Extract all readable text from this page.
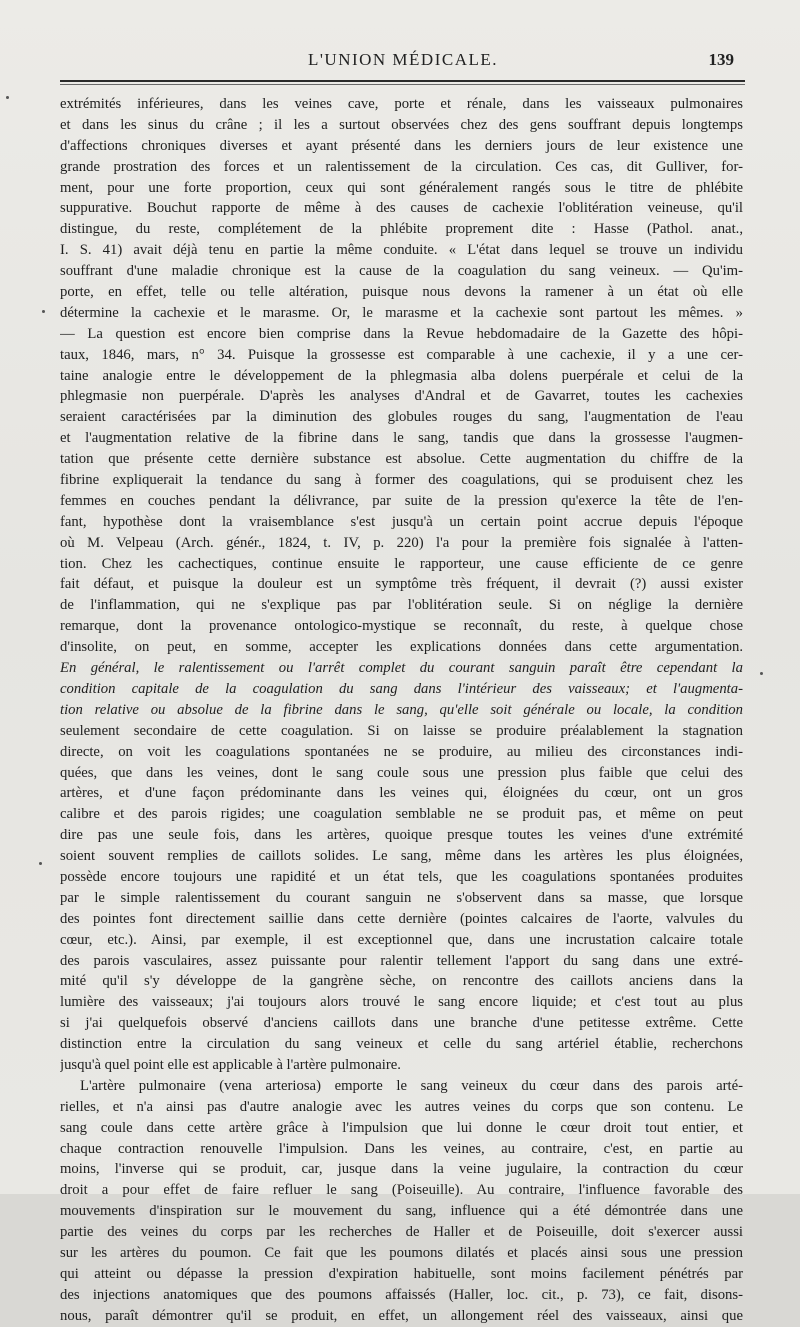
L'UNION MÉDICALE.	139
extrémités inférieures, dans les veines cave, porte et rénale, dans les vaisseaux pulmonaires
et dans les sinus du crâne ; il les a surtout observées chez des gens souffrant depuis longtemps
d'affections chroniques diverses et ayant présenté dans les derniers jours de leur existence une
grande prostration des forces et un ralentissement de la circulation. Ces cas, dit Gulliver, for-
ment, pour une forte proportion, ceux qui sont généralement rangés sous le titre de phlébite
suppurative. Bouchut rapporte de même à des causes de cachexie l'oblitération veineuse, qu'il
distingue, du reste, complétement de la phlébite proprement dite : Hasse (Pathol. anat.,
I. S. 41) avait déjà tenu en partie la même conduite. « L'état dans lequel se trouve un individu
souffrant d'une maladie chronique est la cause de la coagulation du sang veineux. — Qu'im-
porte, en effet, telle ou telle altération, puisque nous devons la ramener à un état où elle
détermine la cachexie et le marasme. Or, le marasme et la cachexie sont partout les mêmes. »
— La question est encore bien comprise dans la Revue hebdomadaire de la Gazette des hôpi-
taux, 1846, mars, n° 34. Puisque la grossesse est comparable à une cachexie, il y a une cer-
taine analogie entre le développement de la phlegmasia alba dolens puerpérale et celui de la
phlegmasie non puerpérale. D'après les analyses d'Andral et de Gavarret, toutes les cachexies
seraient caractérisées par la diminution des globules rouges du sang, l'augmentation de l'eau
et l'augmentation relative de la fibrine dans le sang, tandis que dans la grossesse l'augmen-
tation que présente cette dernière substance est absolue. Cette augmentation du chiffre de la
fibrine expliquerait la tendance du sang à former des coagulations, qui se produisent chez les
femmes en couches pendant la délivrance, par suite de la pression qu'exerce la tête de l'en-
fant, hypothèse dont la vraisemblance s'est jusqu'à un certain point accrue depuis l'époque
où M. Velpeau (Arch. génér., 1824, t. IV, p. 220) l'a pour la première fois signalée à l'atten-
tion. Chez les cachectiques, continue ensuite le rapporteur, une cause efficiente de ce genre
fait défaut, et puisque la douleur est un symptôme très fréquent, il devrait (?) aussi exister
de l'inflammation, qui ne s'explique pas par l'oblitération seule. Si on néglige la dernière
remarque, dont la provenance ontologico-mystique se reconnaît, du reste, à quelque chose
d'insolite, on peut, en somme, accepter les explications données dans cette argumentation.
En général, le ralentissement ou l'arrêt complet du courant sanguin paraît être cependant la
condition capitale de la coagulation du sang dans l'intérieur des vaisseaux; et l'augmenta-
tion relative ou absolue de la fibrine dans le sang, qu'elle soit générale ou locale, la condition
seulement secondaire de cette coagulation. Si on laisse se produire préalablement la stagnation
directe, on voit les coagulations spontanées ne se produire, au milieu des circonstances indi-
quées, que dans les veines, dont le sang coule sous une pression plus faible que celui des
artères, et d'une façon prédominante dans les veines qui, éloignées du cœur, ont un gros
calibre et des parois rigides; une coagulation semblable ne se produit pas, et même on peut
dire pas une seule fois, dans les artères, quoique presque toutes les veines d'une extrémité
soient souvent remplies de caillots solides. Le sang, même dans les artères les plus éloignées,
possède encore toujours une rapidité et un état tels, que les coagulations spontanées produites
par le simple ralentissement du courant sanguin ne s'observent dans sa masse, que lorsque
des pointes font directement saillie dans cette dernière (pointes calcaires de l'aorte, valvules du
cœur, etc.). Ainsi, par exemple, il est exceptionnel que, dans une incrustation calcaire totale
des parois vasculaires, assez puissante pour ralentir tellement l'apport du sang dans une extré-
mité qu'il s'y développe de la gangrène sèche, on rencontre des caillots anciens dans la
lumière des vaisseaux; j'ai toujours alors trouvé le sang encore liquide; et c'est tout au plus
si j'ai quelquefois observé d'anciens caillots dans une branche d'une petitesse extrême. Cette
distinction entre la circulation du sang veineux et celle du sang artériel établie, recherchons
jusqu'à quel point elle est applicable à l'artère pulmonaire.
L'artère pulmonaire (vena arteriosa) emporte le sang veineux du cœur dans des parois arté-
rielles, et n'a ainsi pas d'autre analogie avec les autres veines du corps que son contenu. Le
sang coule dans cette artère grâce à l'impulsion que lui donne le cœur droit tout entier, et
chaque contraction renouvelle l'impulsion. Dans les veines, au contraire, c'est, en partie au
moins, l'inverse qui se produit, car, jusque dans la veine jugulaire, la contraction du cœur
droit a pour effet de faire refluer le sang (Poiseuille). Au contraire, l'influence favorable des
mouvements d'inspiration sur le mouvement du sang, influence qui a été démontrée dans une
partie des veines du corps par les recherches de Haller et de Poiseuille, doit s'exercer aussi
sur les artères du poumon. Ce fait que les poumons dilatés et placés ainsi sous une pression
qui atteint ou dépasse la pression d'expiration habituelle, sont moins facilement pénétrés par
des injections anatomiques que des poumons affaissés (Haller, loc. cit., p. 73), ce fait, disons-
nous, paraît démontrer qu'il se produit, en effet, un allongement réel des vaisseaux, ainsi que
